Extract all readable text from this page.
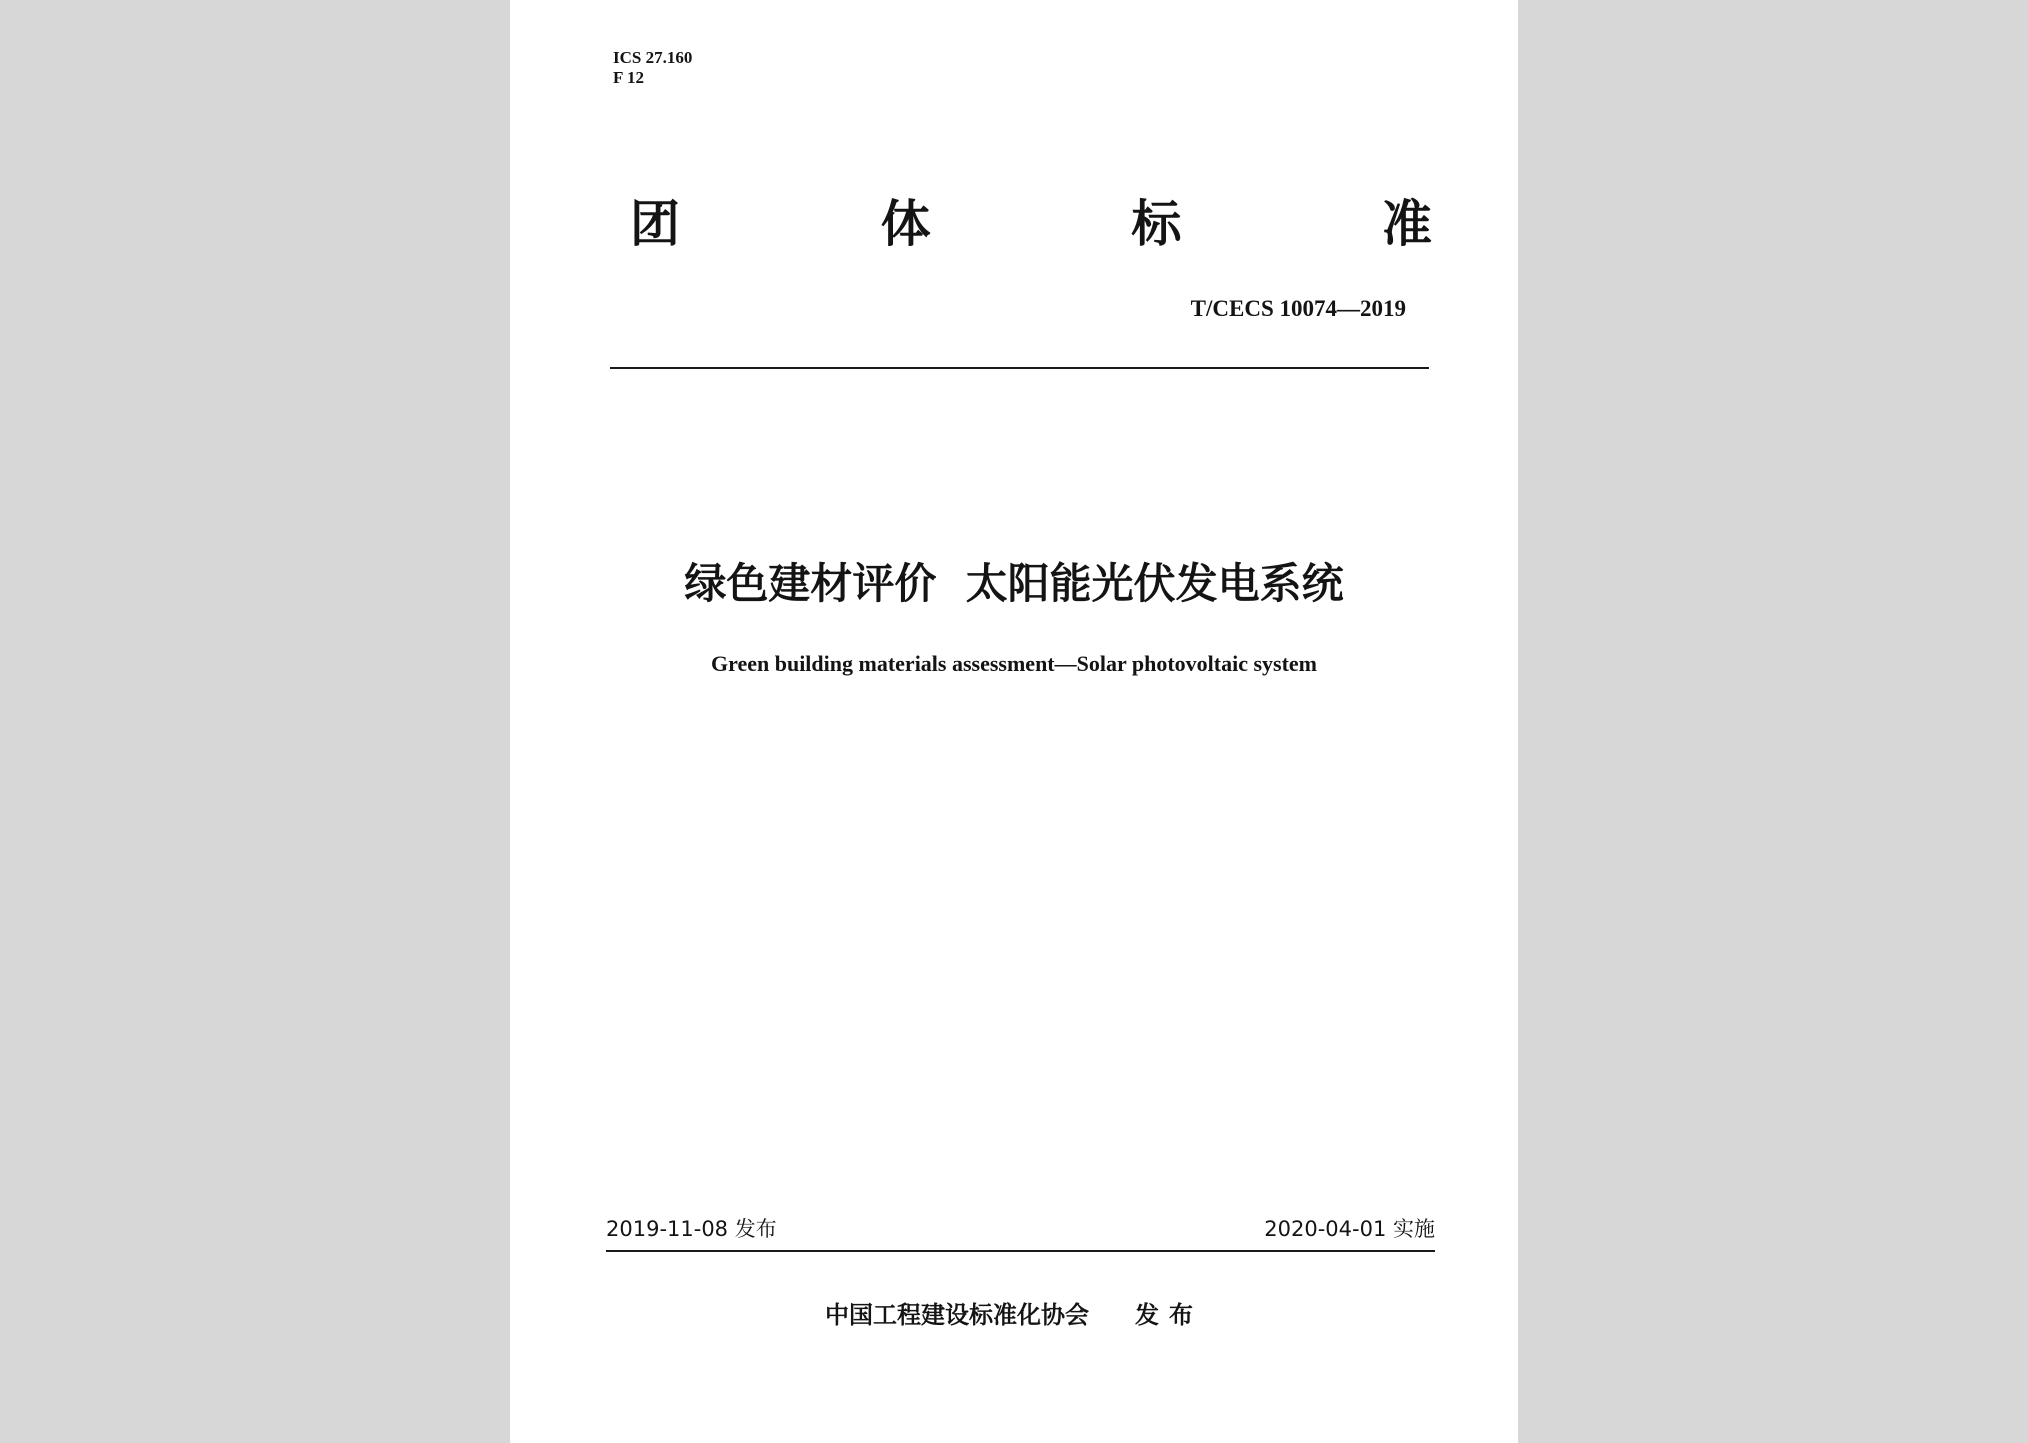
ICS 27.160
F 12
团	体	标	准
T/CECS 10074—2019
绿色建材评价  太阳能光伏发电系统
Green building materials assessment—Solar photovoltaic system
2019-11-08 发布	2020-04-01 实施
中国工程建设标准化协会 发布
